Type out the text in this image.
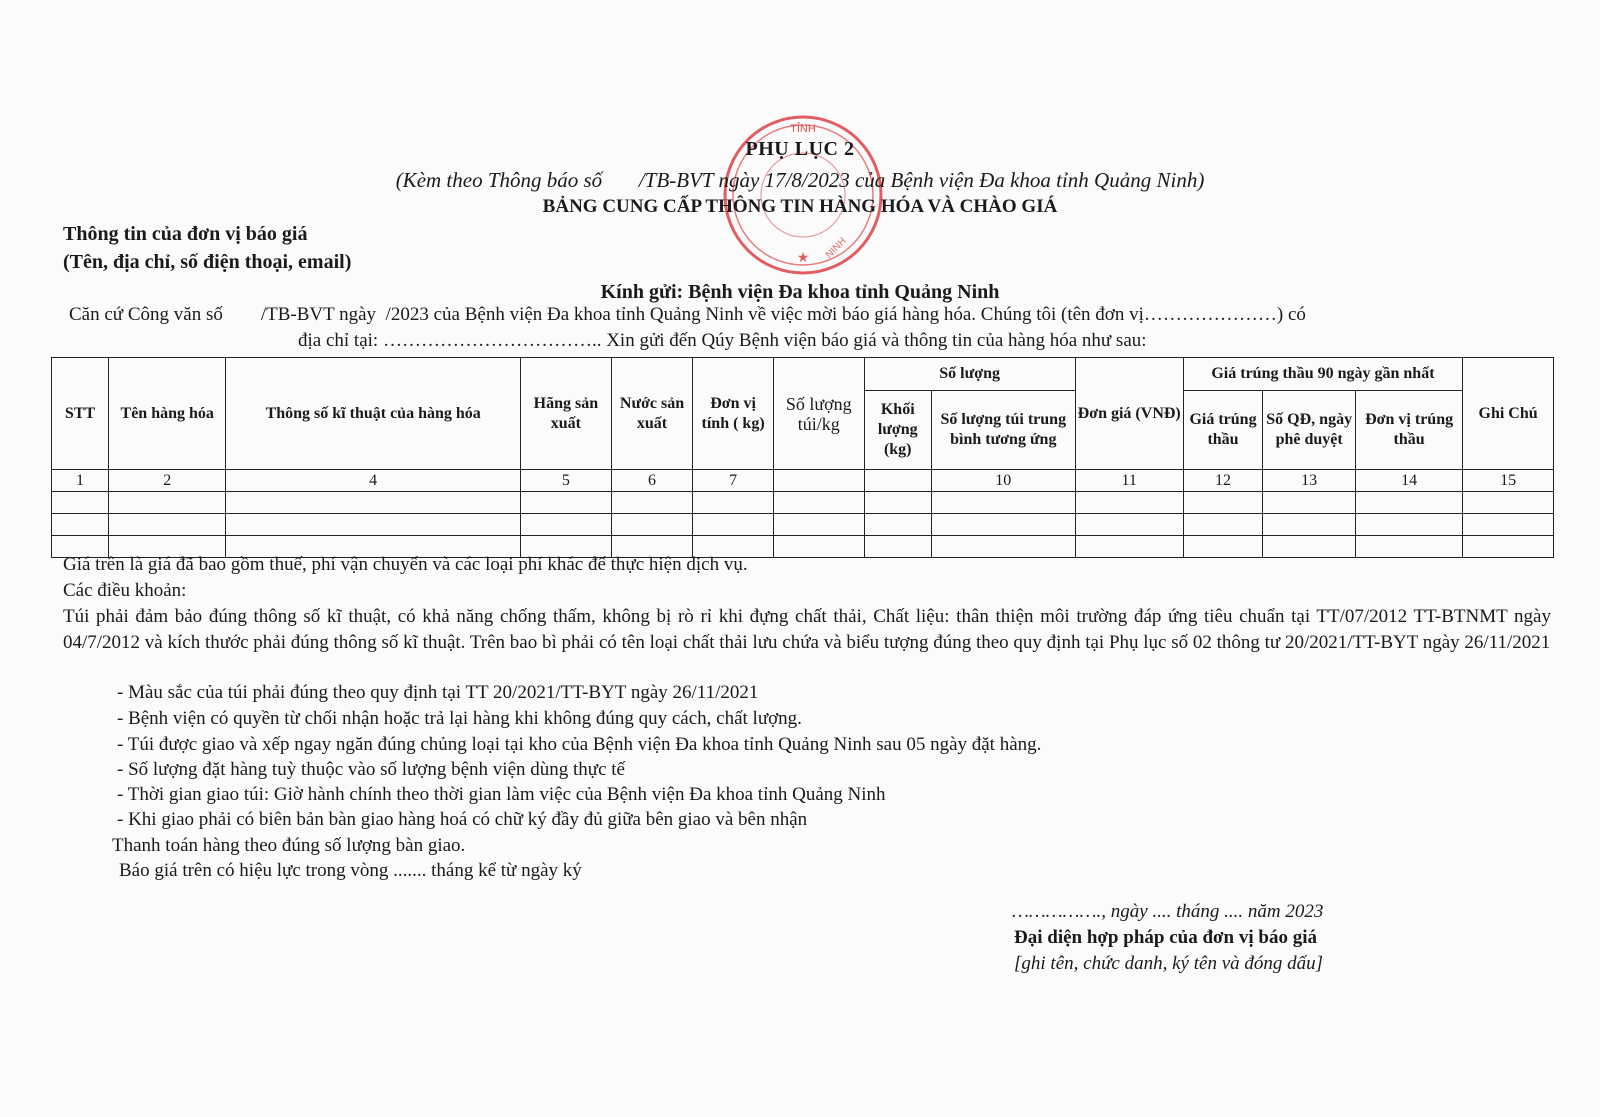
TỈNH
NINH
★
PHỤ LỤC 2
(Kèm theo Thông báo số       /TB-BVT ngày 17/8/2023 của Bệnh viện Đa khoa tỉnh Quảng Ninh)
BẢNG CUNG CẤP THÔNG TIN HÀNG HÓA VÀ CHÀO GIÁ
Thông tin của đơn vị báo giá
(Tên, địa chỉ, số điện thoại, email)
Kính gửi: Bệnh viện Đa khoa tỉnh Quảng Ninh
Căn cứ Công văn số        /TB-BVT ngày  /2023 của Bệnh viện Đa khoa tỉnh Quảng Ninh về việc mời báo giá hàng hóa. Chúng tôi (tên đơn vị…………………) có
địa chỉ tại: …………………………….. Xin gửi đến Qúy Bệnh viện báo giá và thông tin của hàng hóa như sau:
STT	Tên hàng hóa	Thông số kĩ thuật của hàng hóa	Hãng sản xuất	Nước sản xuất	Đơn vị tính ( kg)	Số lượng túi/kg	Số lượng		Đơn giá (VNĐ)	Giá trúng thầu 90 ngày gần nhất			Ghi Chú
							Khối lượng (kg)	Số lượng túi trung bình tương ứng		Giá trúng thầu	Số QĐ, ngày phê duyệt	Đơn vị trúng thầu	
1	2	4	5	6	7			10	11	12	13	14	15

Giá trên là giá đã bao gồm thuế, phí vận chuyển và các loại phí khác để thực hiện dịch vụ.
Các điều khoản:
Túi phải đảm bảo đúng thông số kĩ thuật, có khả năng chống thấm, không bị rò rỉ khi đựng chất thải, Chất liệu: thân thiện môi trường đáp ứng tiêu chuẩn tại TT/07/2012 TT-BTNMT ngày 04/7/2012 và kích thước phải đúng thông số kĩ thuật. Trên bao bì phải có tên loại chất thải lưu chứa và biểu tượng đúng theo quy định tại Phụ lục số 02 thông tư 20/2021/TT-BYT ngày 26/11/2021
- Màu sắc của túi phải đúng theo quy định tại TT 20/2021/TT-BYT ngày 26/11/2021
- Bệnh viện có quyền từ chối nhận hoặc trả lại hàng khi không đúng quy cách, chất lượng.
- Túi được giao và xếp ngay ngăn đúng chủng loại tại kho của Bệnh viện Đa khoa tỉnh Quảng Ninh sau 05 ngày đặt hàng.
- Số lượng đặt hàng tuỳ thuộc vào số lượng bệnh viện dùng thực tế
- Thời gian giao túi: Giờ hành chính theo thời gian làm việc của Bệnh viện Đa khoa tỉnh Quảng Ninh
- Khi giao phải có biên bản bàn giao hàng hoá có chữ ký đầy đủ giữa bên giao và bên nhận
Thanh toán hàng theo đúng số lượng bàn giao.
Báo giá trên có hiệu lực trong vòng ....... tháng kể từ ngày ký
……………., ngày .... tháng .... năm 2023
Đại diện hợp pháp của đơn vị báo giá
[ghi tên, chức danh, ký tên và đóng dấu]
